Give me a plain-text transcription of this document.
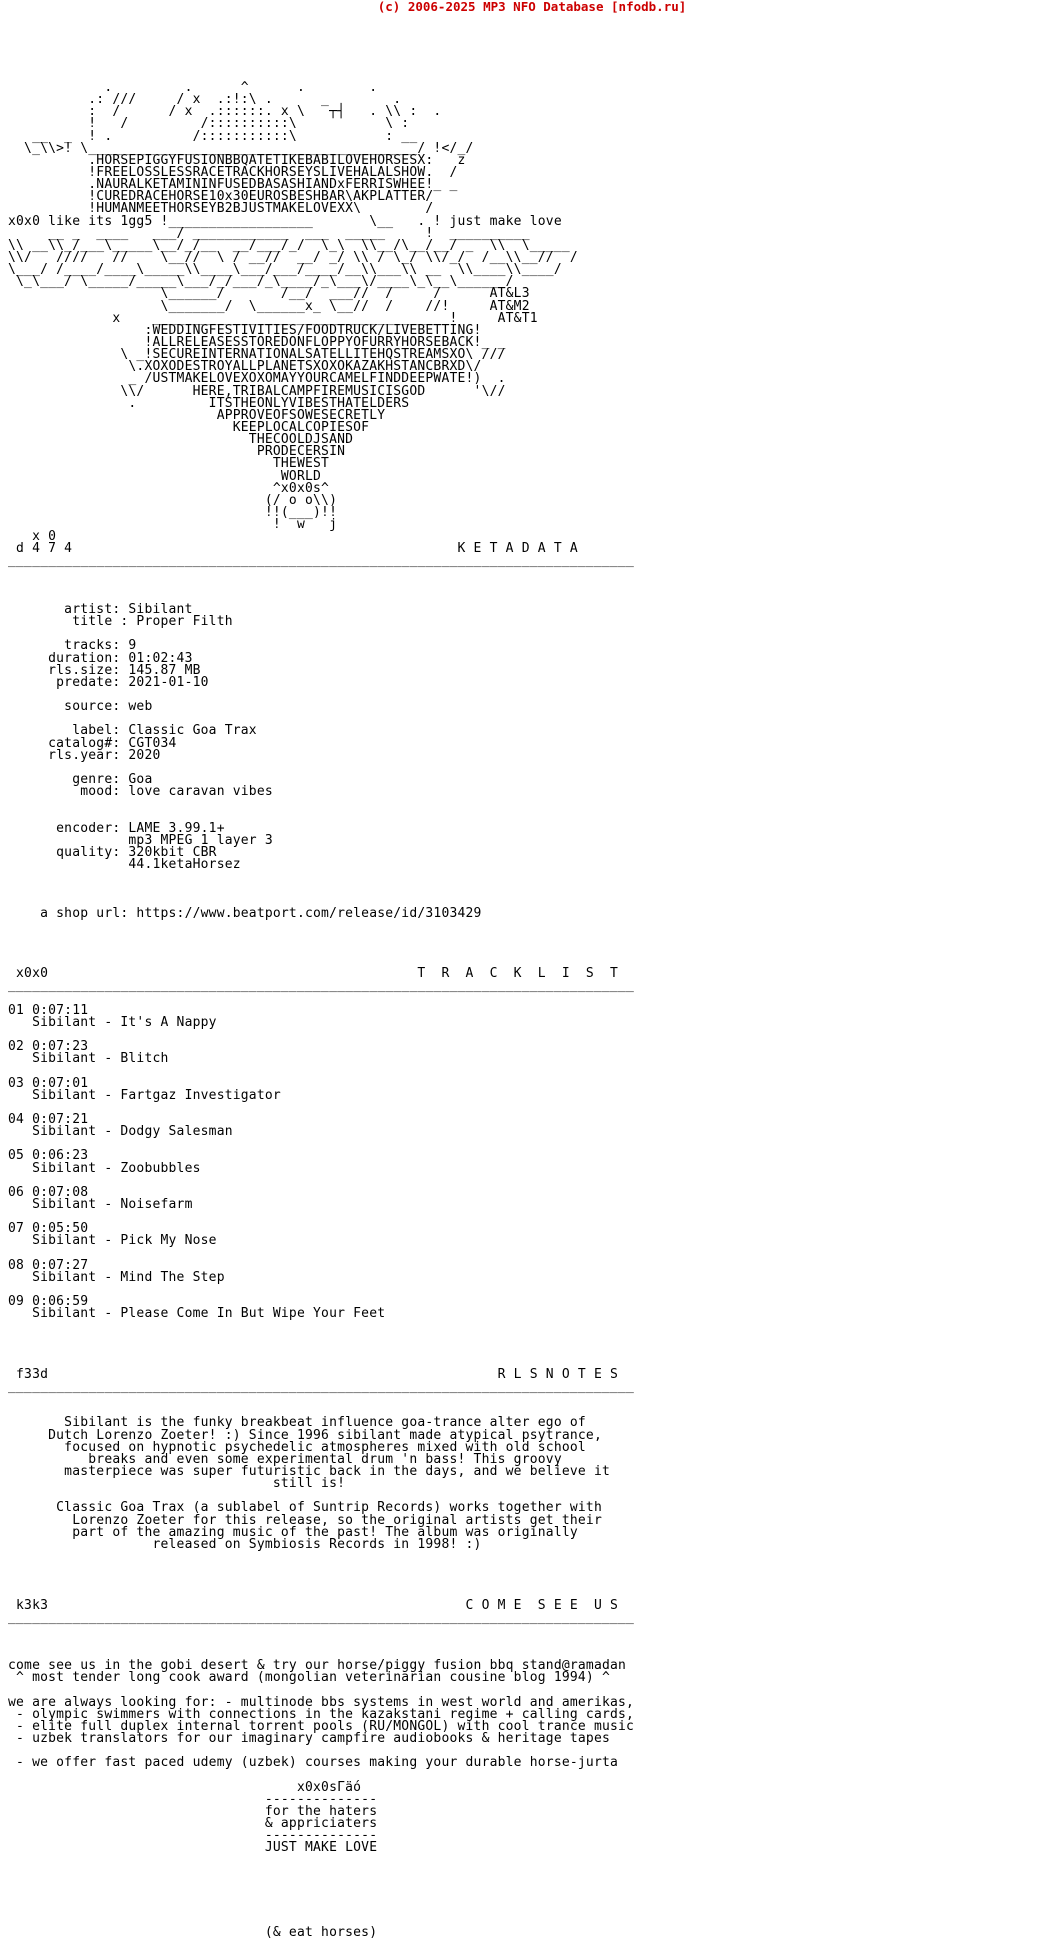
(c) 2006-2025 MP3 NFO Database [nfodb.ru]
.         .      ^      .        .
.: ///     / x  .:!:\ .      _        .
:  /      / x  .::::::. x \   ┬┤   . \\ :  .
!   /         /::::::::::\           \ :
__  _  ! .          /:::::::::::\           : __
\_\\>! \_________________________________________/ !</_/
.HORSEPIGGYFUSIONBBQATETIKEBABILOVEHORSESX:   z
!FREELOSSLESSRACETRACKHORSEYSLIVEHALALSHOW.  /
.NAURALKETAMININFUSEDBASASHIANDxFERRISWHEE!_ _
!CUREDRACEHORSE10x30EUROSBESHBAR\AKPLATTER/
!HUMANMEETHORSEYB2BJUSTMAKELOVEXX\        /
x0x0 like its 1gg5 !__________________       \__   . ! just make love
__ _  ____   ___/ ____________  ___  _____     !  __________
\\ __\\_/___\_____\__/_/__  __/___/_/  \_\  \\__/\__/__/ _  \\  \_____
\\/   ////   //    \__//  \ / __//  __/ _/ \\ / \_/ \\/_/  /__\\__//  /
\___/ /____/____\_____\\____\___/___/____/__\\___\\ __  \\____\\____/
\_\___/ \_____/_____\___/_/___/_\____/_\___\/____\_\__\______/
\______/       /__/  ___//  /     /      AT&L3
\_______/  \______x_ \__//  /    //!     AT&M2
x    _____________________________________!     AT&T1
:WEDDINGFESTIVITIES/FOODTRUCK/LIVEBETTING!
!ALLRELEASESSTOREDONFLOPPYOFURRYHORSEBACK!_ _
\ _!SECUREINTERNATIONALSATELLITEHQSTREAMSXO\ ///
\.XOXODESTROYALLPLANETSXOXOKAZAKHSTANCBRXD\/
_ /USTMAKELOVEXOXOMAYYOURCAMELFINDDEEPWATE!)  .
\\/      HERE,TRIBALCAMPFIREMUSICISGOD      '\//
.         ITSTHEONLYVIBESTHATELDERS
APPROVEOFSOWESECRETLY
KEEPLOCALCOPIESOF
THECOOLDJSAND
PRODECERSIN
THEWEST
WORLD
^x0x0s^
(/ o o\\)
!!(___)!!
!  w   j
x 0
d 4 7 4                                                K E T A D A T A
______________________________________________________________________________

artist: Sibilant
title : Proper Filth

tracks: 9
duration: 01:02:43
rls.size: 145.87 MB
predate: 2021-01-10

source: web

label: Classic Goa Trax
catalog#: CGT034
rls.year: 2020

genre: Goa
mood: love caravan vibes

encoder: LAME 3.99.1+
mp3 MPEG 1 layer 3
quality: 320kbit CBR
44.1ketaHorsez

a shop url: https://www.beatport.com/release/id/3103429

x0x0                                              T  R  A  C  K  L  I  S  T
______________________________________________________________________________

01 0:07:11
Sibilant - It's A Nappy

02 0:07:23
Sibilant - Blitch

03 0:07:01
Sibilant - Fartgaz Investigator

04 0:07:21
Sibilant - Dodgy Salesman

05 0:06:23
Sibilant - Zoobubbles

06 0:07:08
Sibilant - Noisefarm

07 0:05:50
Sibilant - Pick My Nose

08 0:07:27
Sibilant - Mind The Step

09 0:06:59
Sibilant - Please Come In But Wipe Your Feet

f33d                                                        R L S N O T E S
______________________________________________________________________________

Sibilant is the funky breakbeat influence goa-trance alter ego of
Dutch Lorenzo Zoeter! :) Since 1996 sibilant made atypical psytrance,
focused on hypnotic psychedelic atmospheres mixed with old school
breaks and even some experimental drum 'n bass! This groovy
masterpiece was super futuristic back in the days, and we believe it
still is!

Classic Goa Trax (a sublabel of Suntrip Records) works together with
Lorenzo Zoeter for this release, so the original artists get their
part of the amazing music of the past! The album was originally
released on Symbiosis Records in 1998! :)

k3k3                                                    C O M E  S E E  U S
______________________________________________________________________________

come see us in the gobi desert & try our horse/piggy fusion bbq stand@ramadan
^ most tender long cook award (mongolian veterinarian cousine blog 1994) ^

we are always looking for: - multinode bbs systems in west world and amerikas,
- olympic swimmers with connections in the kazakstani regime + calling cards,
- elite full duplex internal torrent pools (RU/MONGOL) with cool trance music
- uzbek translators for our imaginary campfire audiobooks & heritage tapes

- we offer fast paced udemy (uzbek) courses making your durable horse-jurta

x0x0sГäó
--------------
for the haters
& appriciaters
--------------
JUST MAKE LOVE

(& eat horses)
